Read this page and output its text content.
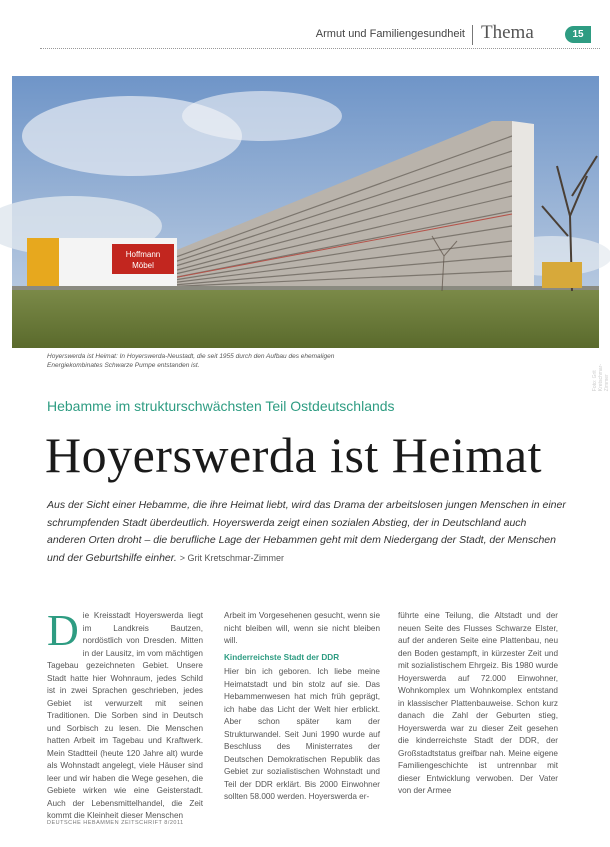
Armut und Familiengesundheit Thema	15
Hoffmann
Möbel
Foto: Grit Kretschmar-Zimmer
Hoyerswerda ist Heimat: In Hoyerswerda-Neustadt, die seit 1955 durch den Aufbau des ehemaligen Energiekombinates Schwarze Pumpe entstanden ist.
Hebamme im strukturschwächsten Teil Ostdeutschlands
Hoyerswerda ist Heimat
Aus der Sicht einer Hebamme, die ihre Heimat liebt, wird das Drama der arbeitslosen jungen Menschen in einer schrumpfenden Stadt überdeutlich. Hoyerswerda zeigt einen sozialen Abstieg, der in Deutschland auch anderen Orten droht – die berufliche Lage der Hebammen geht mit dem Niedergang der Stadt, der Menschen und der Geburtshilfe einher. > Grit Kretschmar-Zimmer
D ie Kreisstadt Hoyerswerda liegt im Landkreis Bautzen, nordöstlich von Dresden. Mitten in der Lausitz, im vom mächtigen Tagebau gezeichneten Gebiet. Unsere Stadt hatte hier Wohnraum, jedes Schild ist in zwei Sprachen geschrieben, jedes Gebiet ist verwurzelt mit seinen Traditionen. Die Sorben sind in Deutsch und Sorbisch zu lesen. Die Menschen hatten Arbeit im Tagebau und Kraftwerk. Mein Stadtteil (heute 120 Jahre alt) wurde als Wohnstadt angelegt, viele Häuser sind leer und wir haben die Wege gesehen, die Gebiete wirken wie eine Geisterstadt. Auch der Lebensmittelhandel, die Zeit kommt die Kleinheit dieser Menschen

Arbeit im Vorgesehenen gesucht, wenn sie nicht bleiben will, wenn sie nicht bleiben will.

Kinderreichste Stadt der DDR

Hier bin ich geboren. Ich liebe meine Heimatstadt und bin stolz auf sie. Das Hebammenwesen hat mich früh geprägt, ich habe das Licht der Welt hier erblickt. Aber schon später kam der Strukturwandel. Seit Juni 1990 wurde auf Beschluss des Ministerrates der Deutschen Demokratischen Republik das Gebiet zur sozialistischen Wohnstadt und Teil der DDR erklärt. Bis 2000 Einwohner sollten 58.000 werden. Hoyerswerda er-

führte eine Teilung, die Altstadt und der neuen Seite des Flusses Schwarze Elster, auf der anderen Seite eine Plattenbau, neu den Boden gestampft, in kürzester Zeit und mit sozialistischem Ehrgeiz. Bis 1980 wurde Hoyerswerda auf 72.000 Einwohner, Wohnkomplex um Wohnkomplex entstand in klassischer Plattenbauweise. Schon kurz danach die Zahl der Geburten stieg, Hoyerswerda war zu dieser Zeit gesehen die kinderreichste Stadt der DDR, der Großstadtstatus greifbar nah. Meine eigene Familiengeschichte ist untrennbar mit dieser Entwicklung verwoben. Der Vater von der Armee

DEUTSCHE HEBAMMEN ZEITSCHRIFT 8/2011
